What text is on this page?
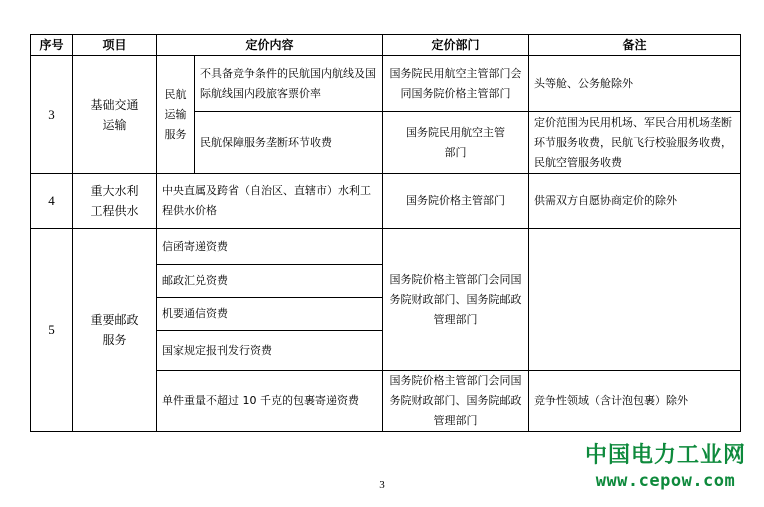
序号	项目	定价内容		定价部门	备注
3	基础交通运输	民航运输服务	不具备竞争条件的民航国内航线及国际航线国内段旅客票价率	国务院民用航空主管部门会同国务院价格主管部门	头等舱、公务舱除外
			民航保障服务垄断环节收费	国务院民用航空主管部门	定价范围为民用机场、军民合用机场垄断环节服务收费，民航飞行校验服务收费，民航空管服务收费
4	重大水利工程供水	中央直属及跨省（自治区、直辖市）水利工程供水价格		国务院价格主管部门	供需双方自愿协商定价的除外
5	重要邮政服务	信函寄递资费		国务院价格主管部门会同国务院财政部门、国务院邮政管理部门	
		邮政汇兑资费			
		机要通信资费			
		国家规定报刊发行资费			
		单件重量不超过 10 千克的包裹寄递资费		国务院价格主管部门会同国务院财政部门、国务院邮政管理部门	竞争性领域（含计泡包裹）除外
中国电力工业网
www.cepow.com
3
